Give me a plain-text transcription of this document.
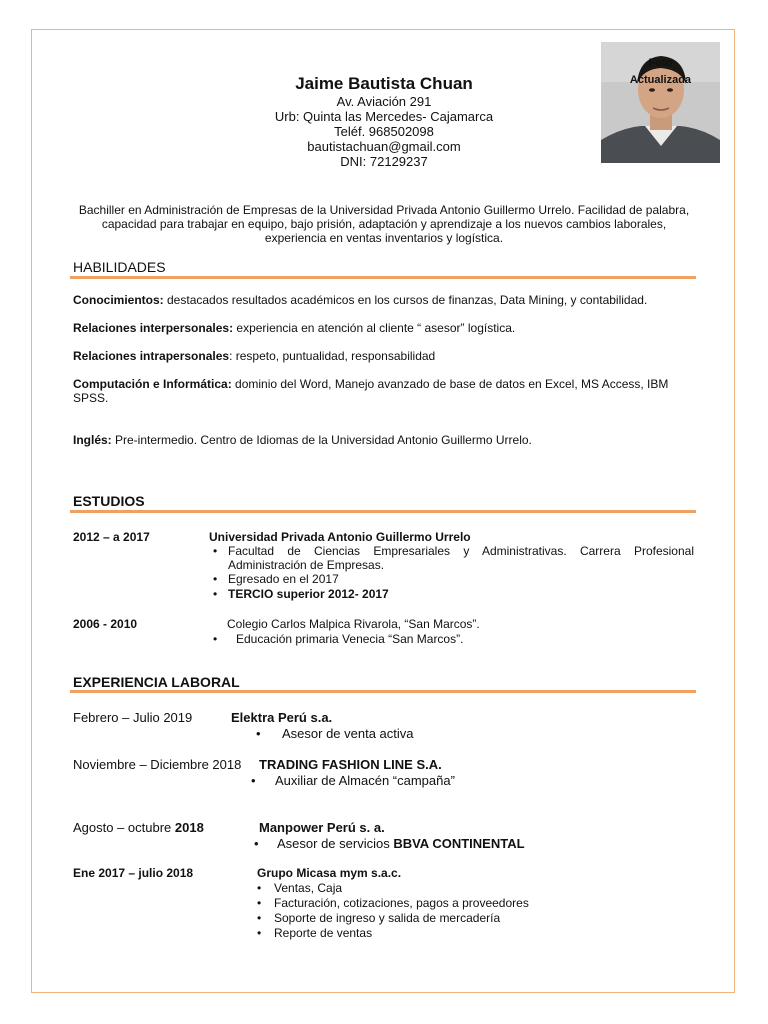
Jaime Bautista Chuan
Av. Aviación 291
Urb: Quinta las Mercedes- Cajamarca
Teléf. 968502098
bautistachuan@gmail.com
DNI: 72129237
Foto
Actualizada
Bachiller en Administración de Empresas de la Universidad Privada Antonio Guillermo Urrelo. Facilidad de palabra, capacidad para trabajar en equipo, bajo prisión, adaptación y aprendizaje a los nuevos cambios laborales, experiencia en ventas inventarios y logística.
HABILIDADES
Conocimientos: destacados resultados académicos en los cursos de finanzas, Data Mining, y contabilidad.
Relaciones interpersonales: experiencia en atención al cliente “ asesor” logística.
Relaciones intrapersonales: respeto, puntualidad, responsabilidad
Computación e Informática: dominio del Word, Manejo avanzado de base de datos en Excel, MS Access, IBM SPSS.
Inglés: Pre-intermedio. Centro de Idiomas de la Universidad Antonio Guillermo Urrelo.
ESTUDIOS
2012 – a 2017	Universidad Privada Antonio Guillermo Urrelo
• Facultad de Ciencias Empresariales y Administrativas. Carrera Profesional Administración de Empresas.
• Egresado en el 2017
• TERCIO superior 2012- 2017
2006 - 2010	Colegio Carlos Malpica Rivarola, “San Marcos”.
• Educación primaria Venecia “San Marcos”.
EXPERIENCIA LABORAL
Febrero – Julio 2019	Elektra Perú s.a.
• Asesor de venta activa
Noviembre – Diciembre 2018 TRADING FASHION LINE S.A.
• Auxiliar de Almacén “campaña”
Agosto – octubre 2018	Manpower Perú s. a.
• Asesor de servicios BBVA CONTINENTAL
Ene 2017 – julio 2018	Grupo Micasa mym s.a.c.
• Ventas, Caja
• Facturación, cotizaciones, pagos a proveedores
• Soporte de ingreso y salida de mercadería
• Reporte de ventas
